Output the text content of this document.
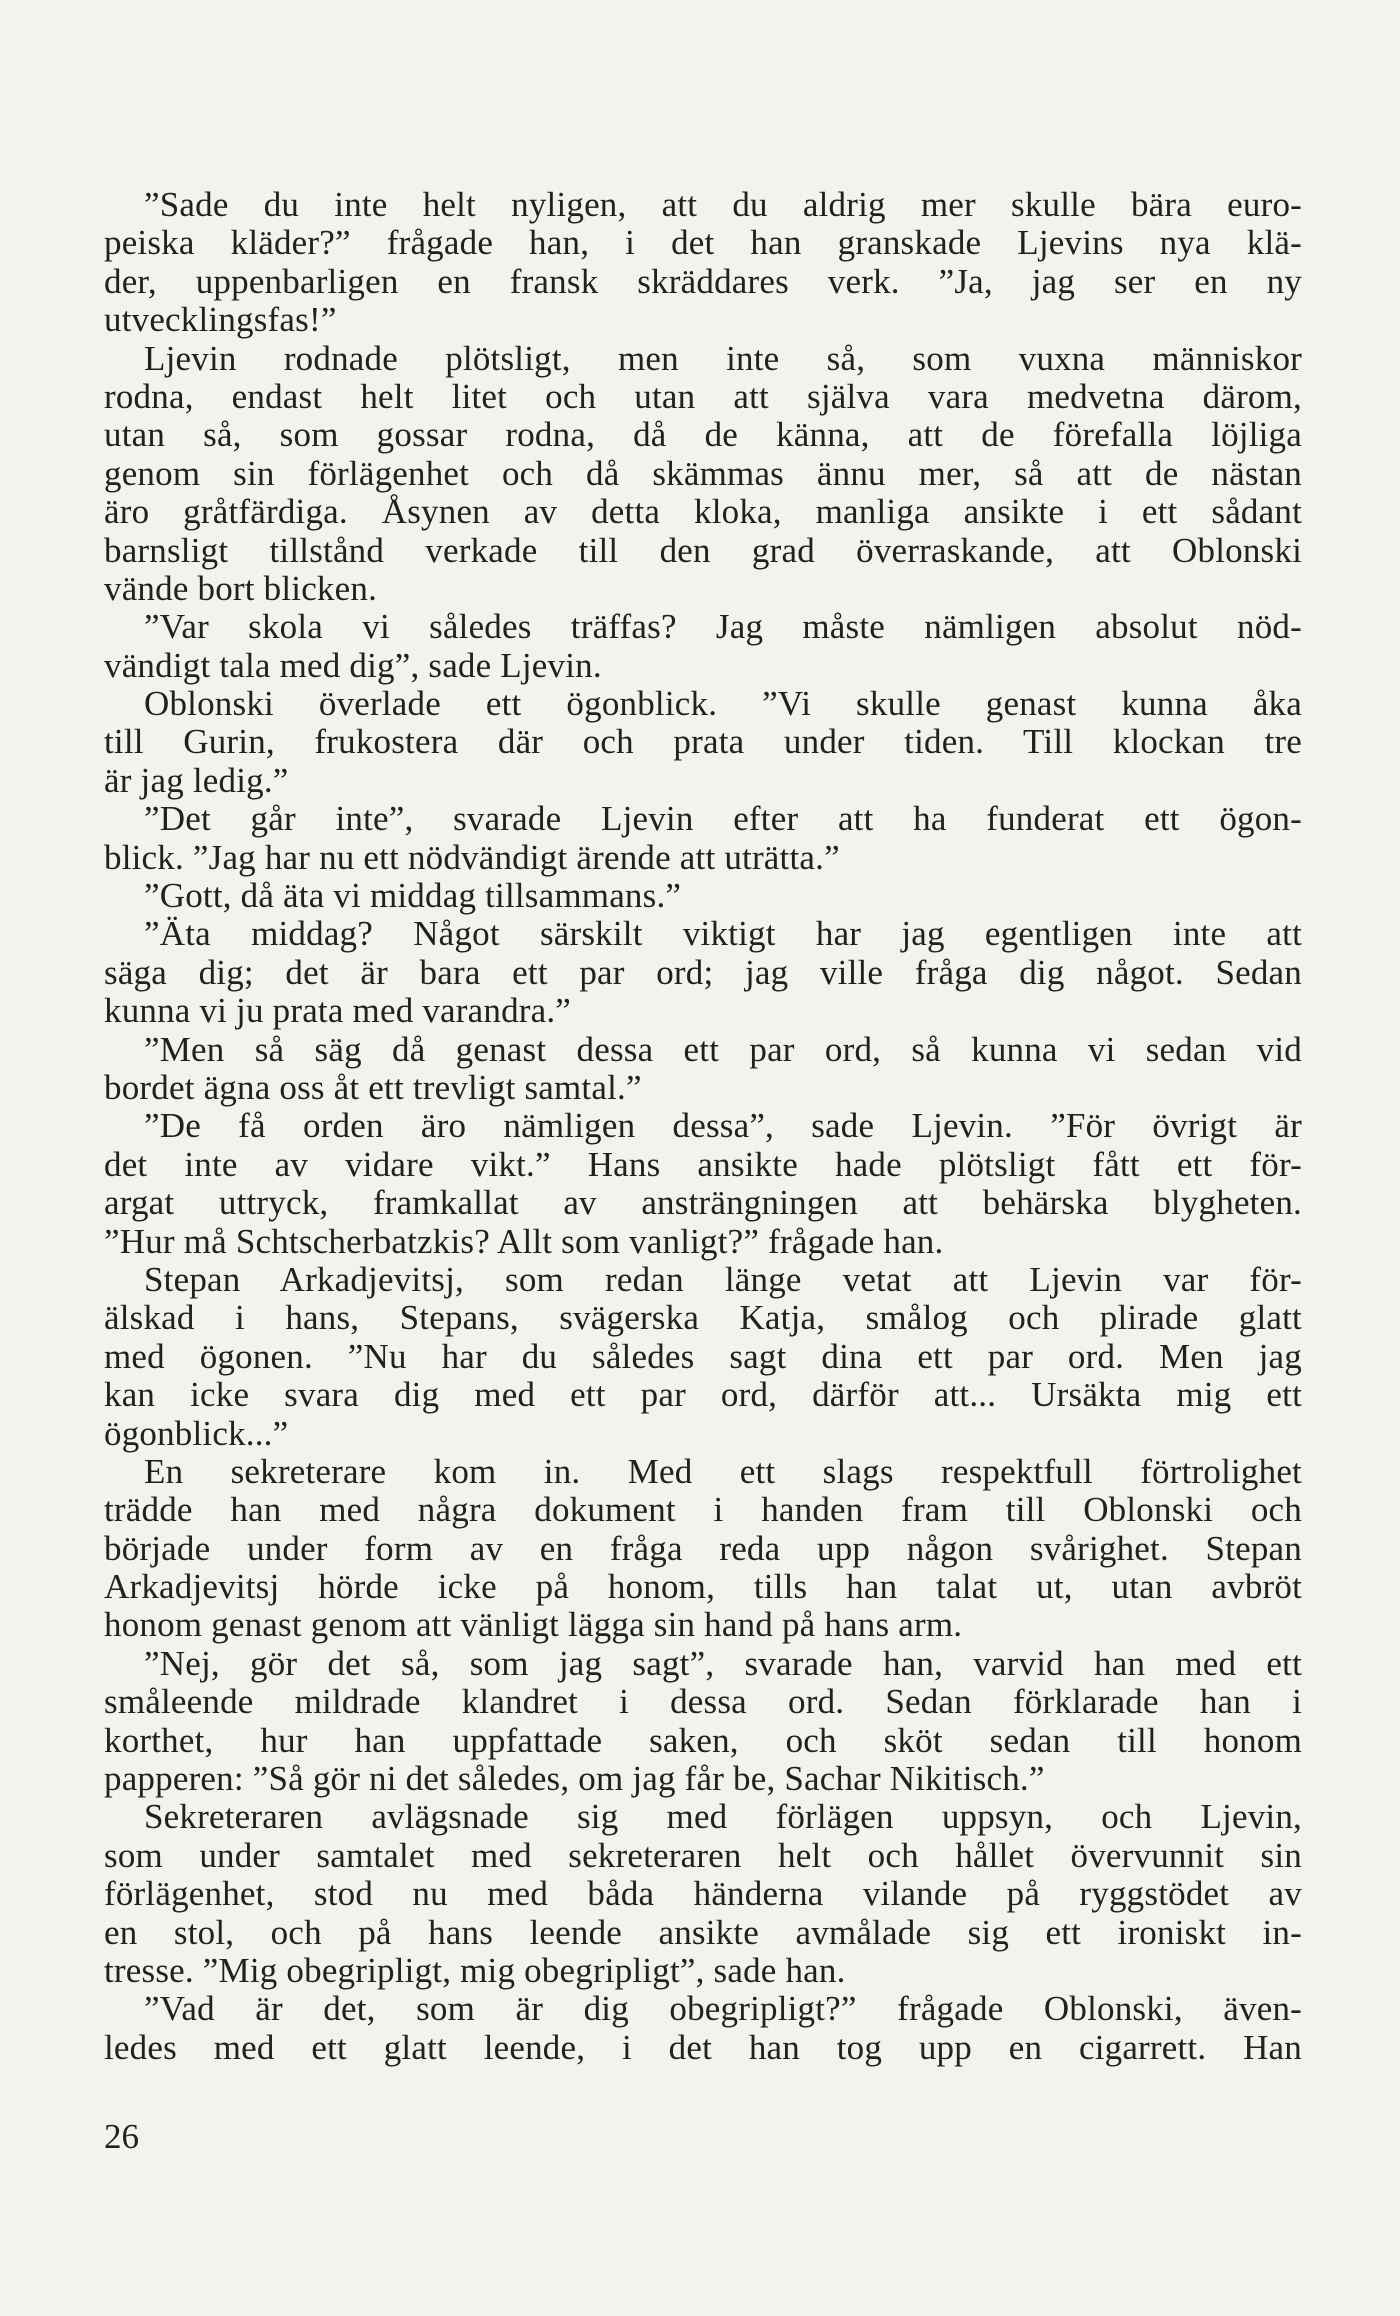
”Sade du inte helt nyligen, att du aldrig mer skulle bära euro-
peiska kläder?” frågade han, i det han granskade Ljevins nya klä-
der, uppenbarligen en fransk skräddares verk. ”Ja, jag ser en ny
utvecklingsfas!”
Ljevin rodnade plötsligt, men inte så, som vuxna människor
rodna, endast helt litet och utan att själva vara medvetna därom,
utan så, som gossar rodna, då de känna, att de förefalla löjliga
genom sin förlägenhet och då skämmas ännu mer, så att de nästan
äro gråtfärdiga. Åsynen av detta kloka, manliga ansikte i ett sådant
barnsligt tillstånd verkade till den grad överraskande, att Oblonski
vände bort blicken.
”Var skola vi således träffas? Jag måste nämligen absolut nöd-
vändigt tala med dig”, sade Ljevin.
Oblonski överlade ett ögonblick. ”Vi skulle genast kunna åka
till Gurin, frukostera där och prata under tiden. Till klockan tre
är jag ledig.”
”Det går inte”, svarade Ljevin efter att ha funderat ett ögon-
blick. ”Jag har nu ett nödvändigt ärende att uträtta.”
”Gott, då äta vi middag tillsammans.”
”Äta middag? Något särskilt viktigt har jag egentligen inte att
säga dig; det är bara ett par ord; jag ville fråga dig något. Sedan
kunna vi ju prata med varandra.”
”Men så säg då genast dessa ett par ord, så kunna vi sedan vid
bordet ägna oss åt ett trevligt samtal.”
”De få orden äro nämligen dessa”, sade Ljevin. ”För övrigt är
det inte av vidare vikt.” Hans ansikte hade plötsligt fått ett för-
argat uttryck, framkallat av ansträngningen att behärska blygheten.
”Hur må Schtscherbatzkis? Allt som vanligt?” frågade han.
Stepan Arkadjevitsj, som redan länge vetat att Ljevin var för-
älskad i hans, Stepans, svägerska Katja, smålog och plirade glatt
med ögonen. ”Nu har du således sagt dina ett par ord. Men jag
kan icke svara dig med ett par ord, därför att... Ursäkta mig ett
ögonblick...”
En sekreterare kom in. Med ett slags respektfull förtrolighet
trädde han med några dokument i handen fram till Oblonski och
började under form av en fråga reda upp någon svårighet. Stepan
Arkadjevitsj hörde icke på honom, tills han talat ut, utan avbröt
honom genast genom att vänligt lägga sin hand på hans arm.
”Nej, gör det så, som jag sagt”, svarade han, varvid han med ett
småleende mildrade klandret i dessa ord. Sedan förklarade han i
korthet, hur han uppfattade saken, och sköt sedan till honom
papperen: ”Så gör ni det således, om jag får be, Sachar Nikitisch.”
Sekreteraren avlägsnade sig med förlägen uppsyn, och Ljevin,
som under samtalet med sekreteraren helt och hållet övervunnit sin
förlägenhet, stod nu med båda händerna vilande på ryggstödet av
en stol, och på hans leende ansikte avmålade sig ett ironiskt in-
tresse. ”Mig obegripligt, mig obegripligt”, sade han.
”Vad är det, som är dig obegripligt?” frågade Oblonski, även-
ledes med ett glatt leende, i det han tog upp en cigarrett. Han
26
